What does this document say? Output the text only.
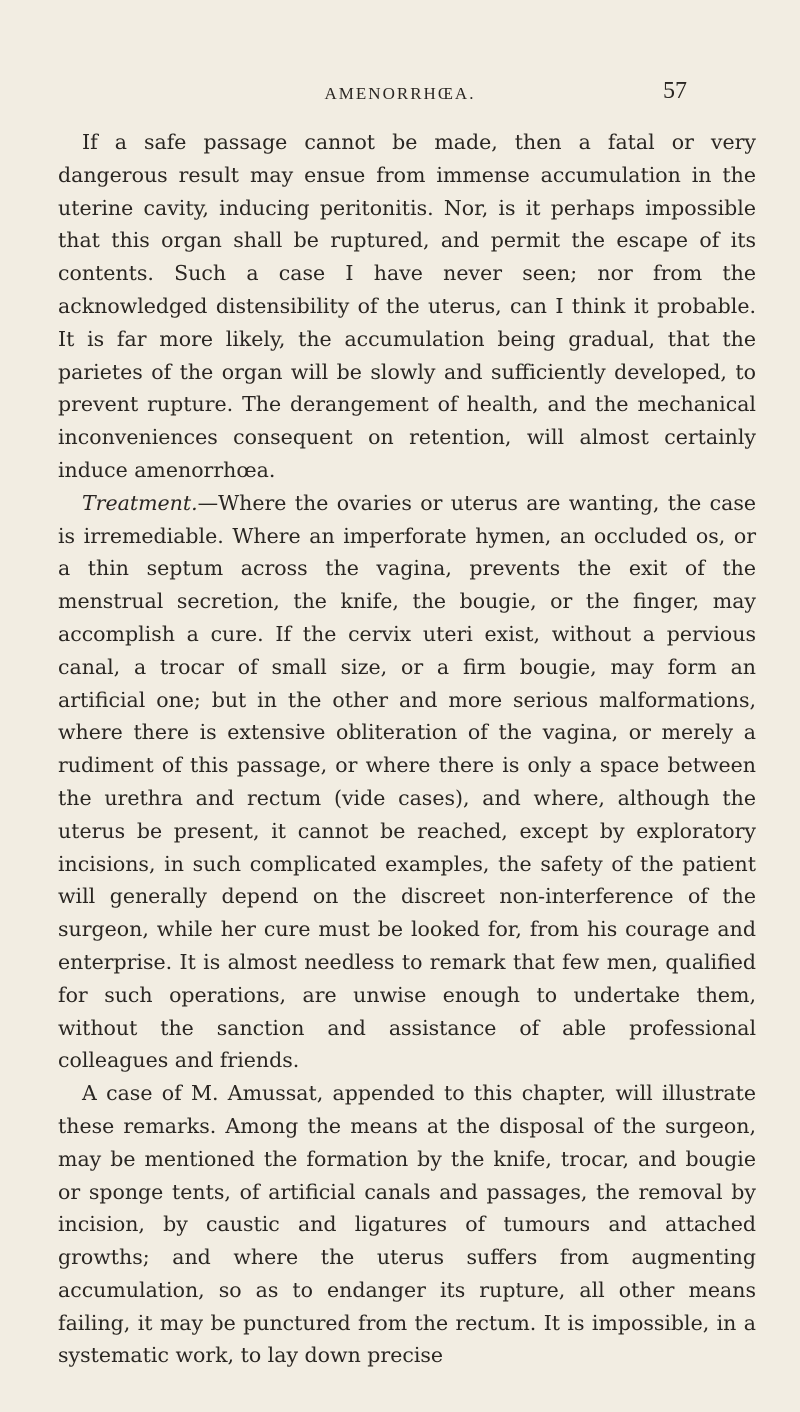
AMENORRHŒA.	57

If a safe passage cannot be made, then a fatal or very dangerous result may ensue from immense accumulation in the uterine cavity, inducing peritonitis. Nor, is it perhaps impossible that this organ shall be ruptured, and permit the escape of its contents. Such a case I have never seen; nor from the acknowledged distensibility of the uterus, can I think it probable. It is far more likely, the accumulation being gradual, that the parietes of the organ will be slowly and sufficiently developed, to prevent rupture. The derangement of health, and the mechanical inconveniences consequent on retention, will almost certainly induce amenorrhœa.

Treatment.—Where the ovaries or uterus are wanting, the case is irremediable. Where an imperforate hymen, an occluded os, or a thin septum across the vagina, prevents the exit of the menstrual secretion, the knife, the bougie, or the finger, may accomplish a cure. If the cervix uteri exist, without a pervious canal, a trocar of small size, or a firm bougie, may form an artificial one; but in the other and more serious malformations, where there is extensive obliteration of the vagina, or merely a rudiment of this passage, or where there is only a space between the urethra and rectum (vide cases), and where, although the uterus be present, it cannot be reached, except by exploratory incisions, in such complicated examples, the safety of the patient will generally depend on the discreet non-interference of the surgeon, while her cure must be looked for, from his courage and enterprise. It is almost needless to remark that few men, qualified for such operations, are unwise enough to undertake them, without the sanction and assistance of able professional colleagues and friends.

A case of M. Amussat, appended to this chapter, will illustrate these remarks. Among the means at the disposal of the surgeon, may be mentioned the formation by the knife, trocar, and bougie or sponge tents, of artificial canals and passages, the removal by incision, by caustic and ligatures of tumours and attached growths; and where the uterus suffers from augmenting accumulation, so as to endanger its rupture, all other means failing, it may be punctured from the rectum. It is impossible, in a systematic work, to lay down precise
